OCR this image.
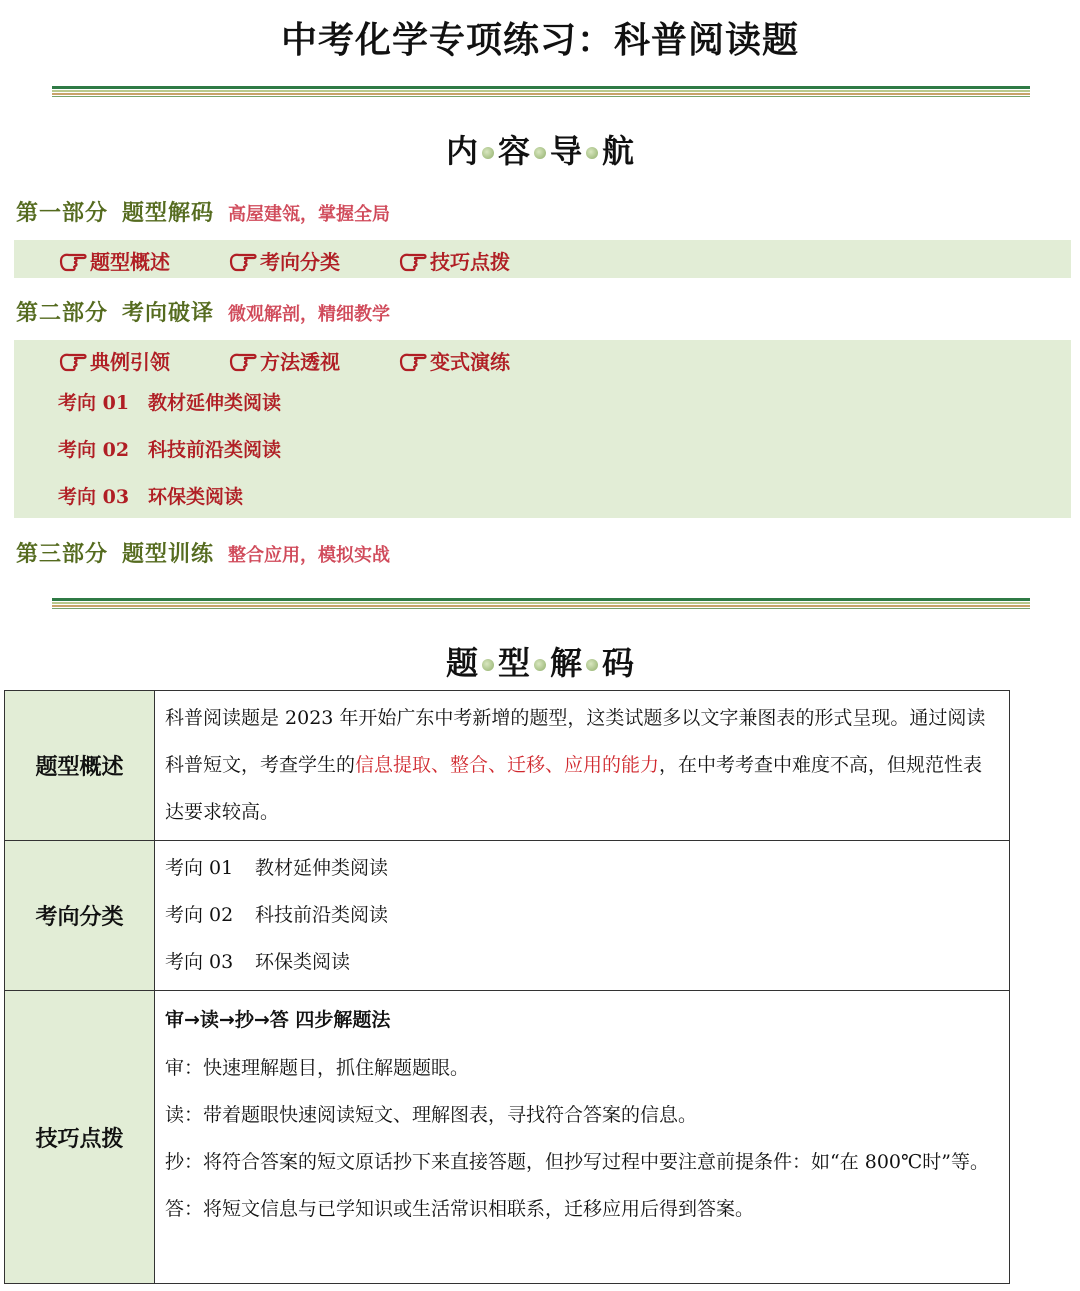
中考化学专项练习：科普阅读题
内 容 导 航
第一部分 题型解码 高屋建瓴，掌握全局
题型概述	考向分类	技巧点拨
第二部分 考向破译 微观解剖，精细教学
典例引领	方法透视	变式演练
考向 01 教材延伸类阅读
考向 02 科技前沿类阅读
考向 03 环保类阅读
第三部分 题型训练 整合应用，模拟实战
题 型 解 码
题型概述	科普阅读题是 2023 年开始广东中考新增的题型，这类试题多以文字兼图表的形式呈现。通过阅读科普短文，考查学生的信息提取、整合、迁移、应用的能力，在中考考查中难度不高，但规范性表达要求较高。

考向分类	考向 01 教材延伸类阅读
考向 02 科技前沿类阅读
考向 03 环保类阅读

技巧点拨	审→读→抄→答 四步解题法
审：快速理解题目，抓住解题题眼。
读：带着题眼快速阅读短文、理解图表，寻找符合答案的信息。
抄：将符合答案的短文原话抄下来直接答题，但抄写过程中要注意前提条件：如“在 800℃时”等。
答：将短文信息与已学知识或生活常识相联系，迁移应用后得到答案。
